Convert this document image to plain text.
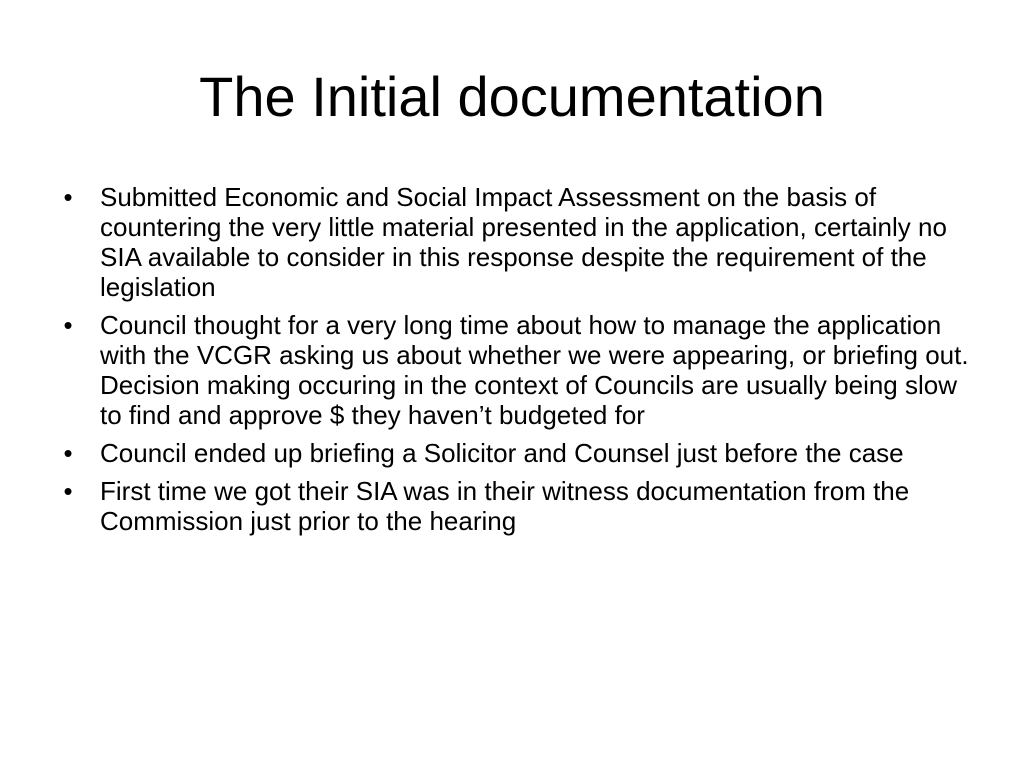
The Initial documentation
• Submitted Economic and Social Impact Assessment on the basis of countering the very little material presented in the application, certainly no SIA available to consider in this response despite the requirement of the legislation
• Council thought for a very long time about how to manage the application with the VCGR asking us about whether we were appearing, or briefing out. Decision making occuring in the context of Councils are usually being slow to find and approve $ they haven’t budgeted for
• Council ended up briefing a Solicitor and Counsel just before the case
• First time we got their SIA was in their witness documentation from the Commission just prior to the hearing
